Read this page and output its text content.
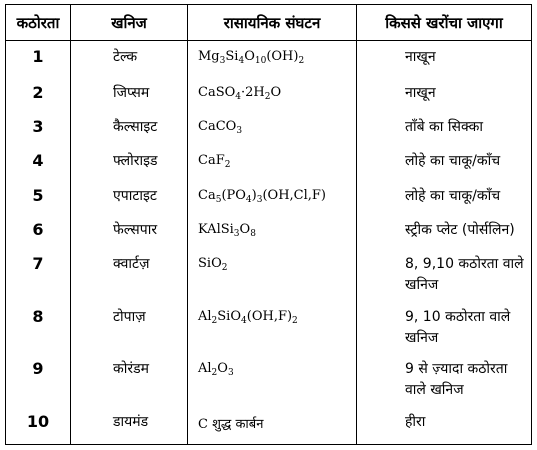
कठोरता	खनिज	रासायनिक संघटन	किससे खरोंचा जाएगा
1	टेल्क	$Mg_3Si_4O_{10}(OH)_2$	नाखून

2	जिप्सम	$CaSO_4\cdot 2H_2O$	नाखून

3	कैल्साइट	CaCO$_3$	ताँबे का सिक्का

4	फ्लोराइड	CaF$_2$	लोहे का चाकू/काँच

5	एपाटाइट	$Ca_5(PO_4)_3(OH,Cl,F)$	लोहे का चाकू/काँच

6	फेल्सपार	$KAlSi_3O_8$	स्ट्रीक प्लेट (पोर्सलिन)

7	क्वार्टज़	SiO$_2$	8, 9,10 कठोरता वाले
खनिज

8	टोपाज़	$Al_2SiO_4(OH,F)_2$	9, 10 कठोरता वाले
खनिज

9	कोरंडम	$Al_2O_3$	9 से ज़्यादा कठोरता
वाले खनिज

10	डायमंड	C शुद्ध कार्बन	हीरा
